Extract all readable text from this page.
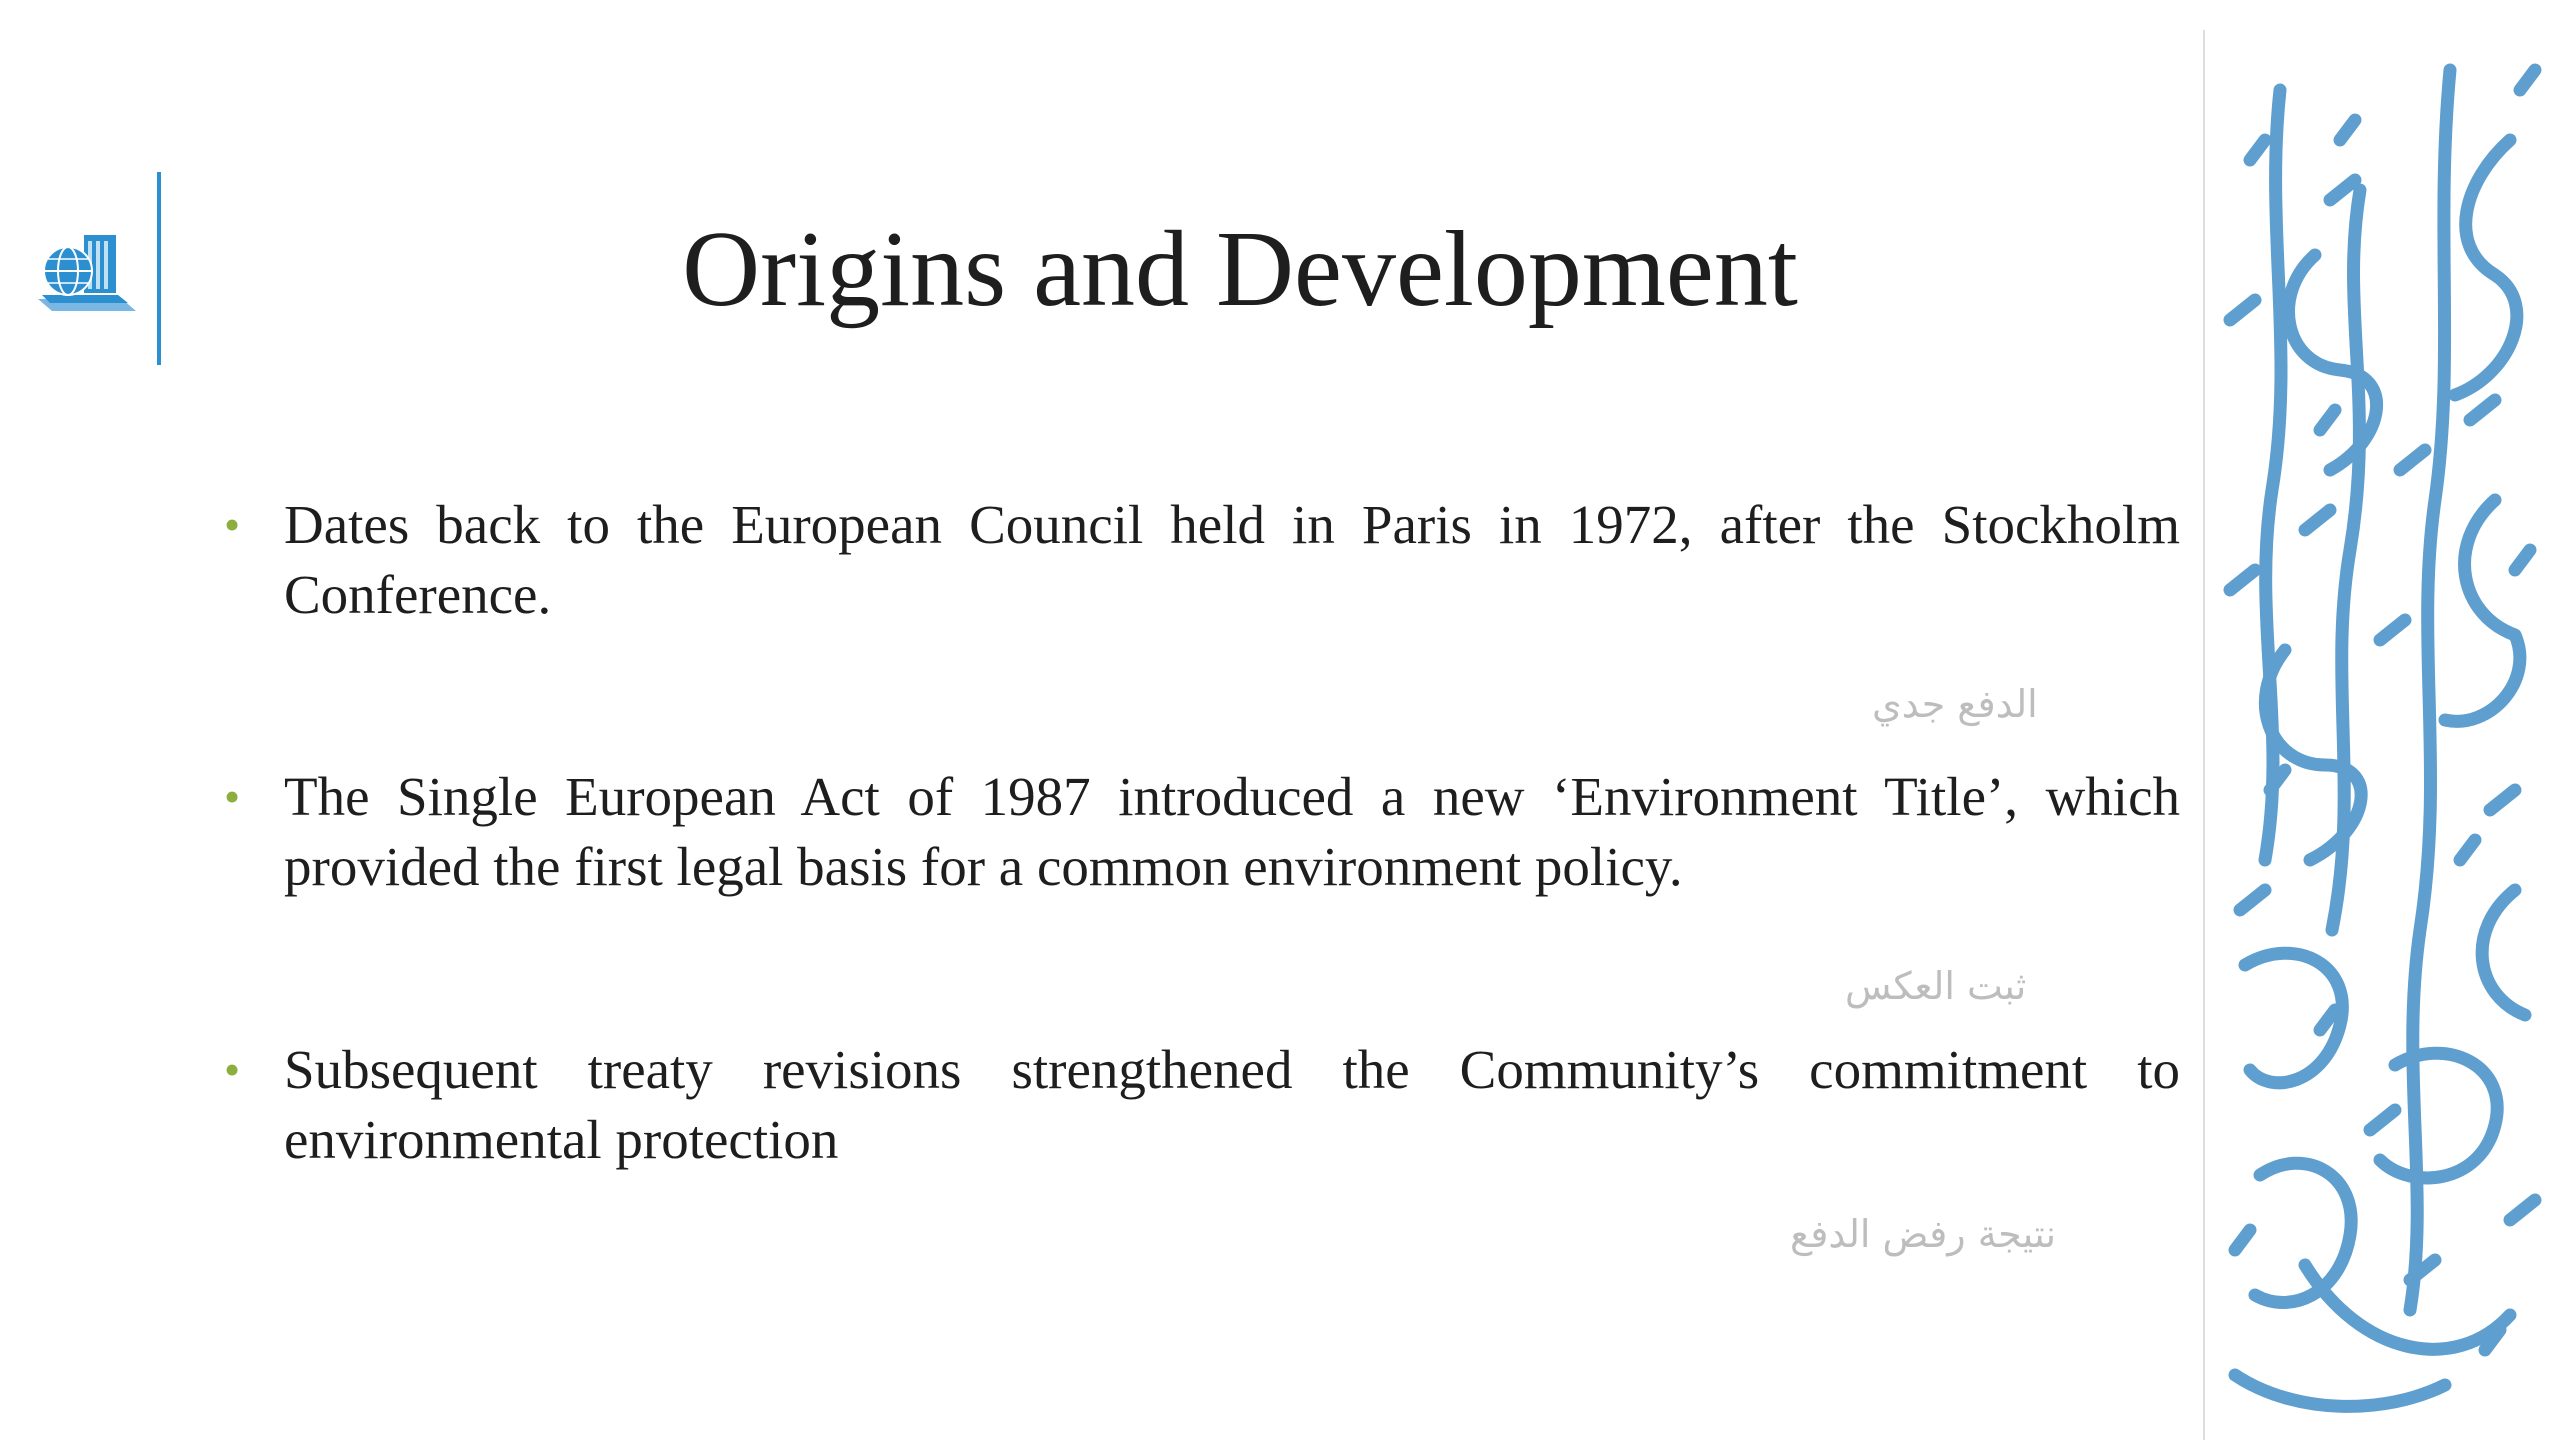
Origins and Development
• Dates back to the European Council held in Paris in 1972, after the Stockholm Conference.
الدفع جدي
• The Single European Act of 1987 introduced a new ‘Environment Title’, which provided the first legal basis for a common environment policy.
ثبت العكس
• Subsequent treaty revisions strengthened the Community’s commitment to environmental protection
نتيجة رفض الدفع
